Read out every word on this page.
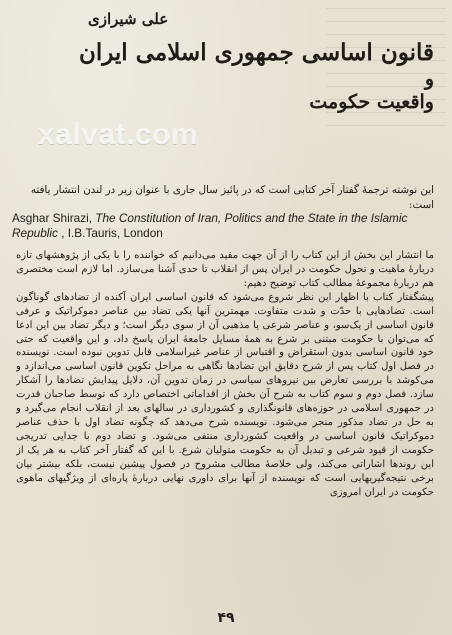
علی شیرازی
قانون اساسی جمهوری اسلامی ایران
و
واقعیت حکومت
xalvat.com
این نوشته ترجمهٔ گفتار آخر کتابی است که در پائیز سال جاری با عنوان زیر در لندن انتشار یافته است:
Asghar Shirazi, The Constitution of Iran, Politics and the State in the Islamic Republic , I.B.Tauris, London

ما انتشار این بخش از این کتاب را از آن جهت مفید می‌دانیم که خواننده را با یکی از پژوهشهای تازه دربارهٔ ماهیت و تحول حکومت در ایران پس از انقلاب تا حدی آشنا می‌سازد. اما لازم است مختصری هم دربارهٔ مجموعهٔ مطالب کتاب توضیح دهیم:

پیشگفتار کتاب با اظهار این نظر شروع می‌شود که قانون اساسی ایران آکنده از تضادهای گوناگون است. تضادهایی با حدّت و شدت متفاوت. مهمترین آنها یکی تضاد بین عناصر دموکراتیک و عرفی قانون اساسی از یک‌سو، و عناصر شرعی یا مذهبی آن از سوی دیگر است؛ و دیگر تضاد بین این ادعا که می‌توان با حکومت مبتنی بر شرع به همهٔ مسایل جامعهٔ ایران پاسخ داد، و این واقعیت که حتی خود قانون اساسی بدون استقراض و اقتباس از عناصر غیراسلامی قابل تدوین نبوده است. نویسنده در فصل اول کتاب پس از شرح دقایق این تضادها نگاهی به مراحل تکوین قانون اساسی می‌اندازد و می‌کوشد با بررسی تعارض بین نیروهای سیاسی در زمان تدوین آن، دلایل پیدایش تضادها را آشکار سازد. فصل دوم و سوم کتاب به شرح آن بخش از اقداماتی اختصاص دارد که توسط صاحبان قدرت در جمهوری اسلامی در حوزه‌های قانونگذاری و کشورداری در سالهای بعد از انقلاب انجام می‌گیرد و به حل در تضاد مذکور منجر می‌شود. نویسنده شرح می‌دهد که چگونه تضاد اول با حذف عناصر دموکراتیک قانون اساسی در واقعیت کشورداری منتفی می‌شود. و تضاد دوم با جدایی تدریجی حکومت از قیود شرعی و تبدیل آن به حکومت متولیان شرع. با این که گفتار آخر کتاب به هر یک از این روندها اشاراتی می‌کند، ولی خلاصهٔ مطالب مشروح در فصول پیشین نیست، بلکه بیشتر بیان برخی نتیجه‌گیریهایی است که نویسنده از آنها برای داوری نهایی دربارهٔ پاره‌ای از ویژگیهای ماهوی حکومت در ایران امروزی

۴۹
